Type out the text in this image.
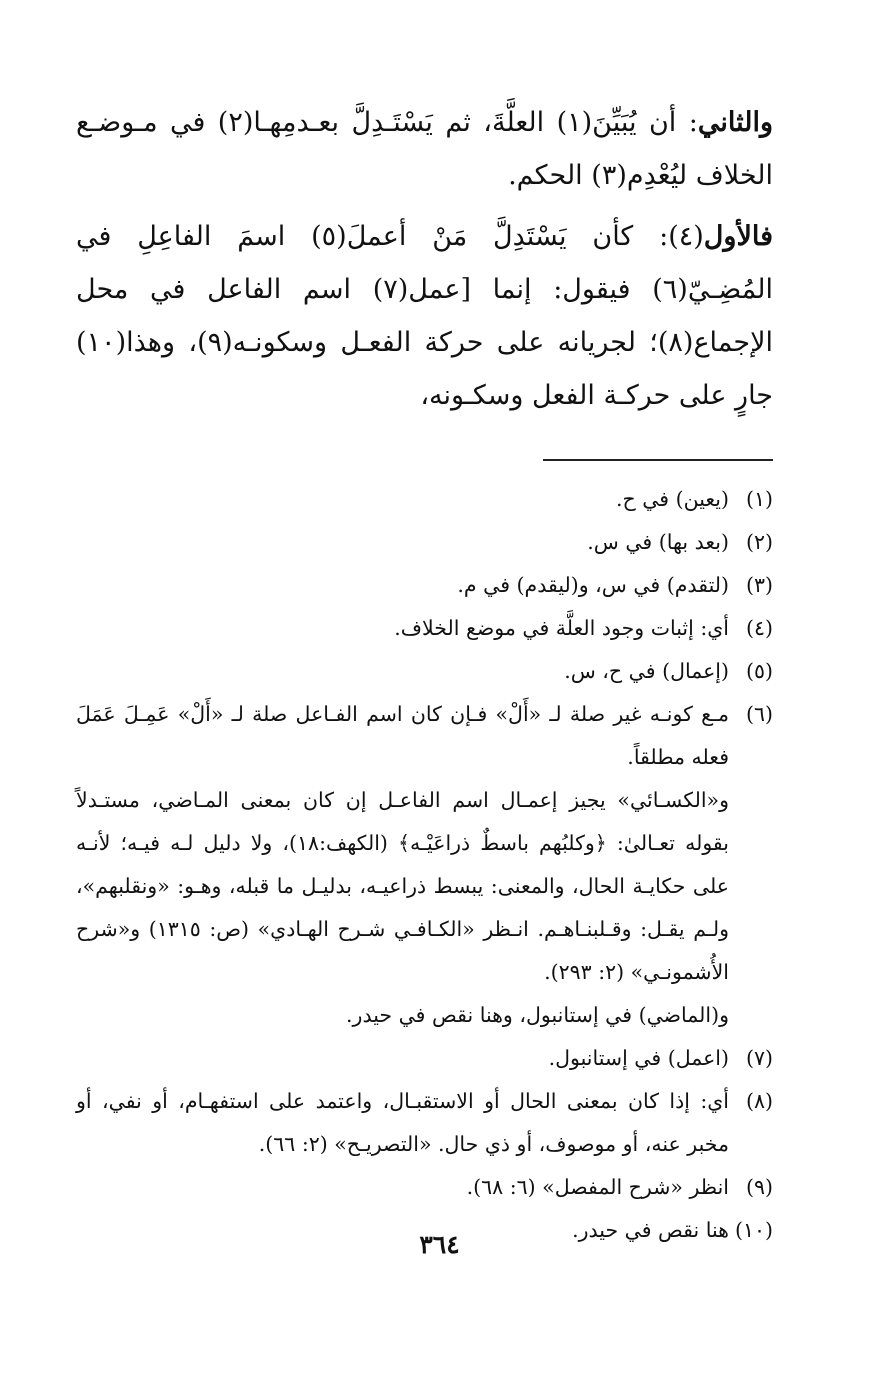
والثاني: أن يُبَيِّنَ(١) العلَّةَ، ثم يَسْتَـدِلَّ بعـدمِهـا(٢) في مـوضـع الخلاف ليُعْدِم(٣) الحكم.

فالأول(٤): كأن يَسْتَدِلَّ مَنْ أعملَ(٥) اسمَ الفاعِلِ في المُضِـيّ(٦) فيقول: إنما [عمل(٧) اسم الفاعل في محل الإجماع(٨)؛ لجريانه على حركة الفعـل وسكونـه(٩)، وهذا(١٠) جارٍ على حركـة الفعل وسكـونه،

(١)
(يعين) في ح.
(٢)
(بعد بها) في س.
(٣)
(لتقدم) في س، و(ليقدم) في م.
(٤)
أي: إثبات وجود العلَّة في موضع الخلاف.
(٥)
(إعمال) في ح، س.
(٦)
مـع كونـه غير صلة لـ «أَلْ» فـإن كان اسم الفـاعل صلة لـ «أَلْ» عَمِـلَ عَمَلَ فعله مطلقاً.
و«الكسـائي» يجيز إعمـال اسم الفاعـل إن كان بمعنى المـاضي، مستـدلاً بقوله تعـالىٰ: ﴿وكلبُهم باسطٌ ذراعَيْـه﴾ (الكهف:١٨)، ولا دليل لـه فيـه؛ لأنـه على حكايـة الحال، والمعنى: يبسط ذراعيـه، بدليـل ما قبله، وهـو: «ونقلبهم»، ولـم يقـل: وقـلبنـاهـم. انـظر «الكـافـي شـرح الهـادي» (ص: ١٣١٥) و«شرح الأُشمونـي» (٢: ٢٩٣).
و(الماضي) في إستانبول، وهنا نقص في حيدر.
(٧)
(اعمل) في إستانبول.
(٨)
أي: إذا كان بمعنى الحال أو الاستقبـال، واعتمد على استفهـام، أو نفي، أو مخبر عنه، أو موصوف، أو ذي حال. «التصريـح» (٢: ٦٦).
(٩)
انظر «شرح المفصل» (٦: ٦٨).
(١٠)
هنا نقص في حيدر.
٣٦٤
